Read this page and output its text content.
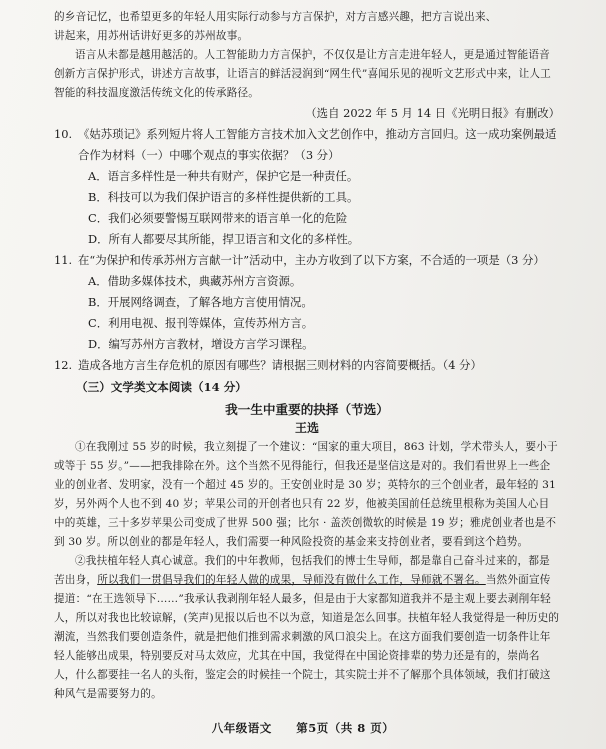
的乡音记忆，也希望更多的年轻人用实际行动参与方言保护，对方言感兴趣，把方言说出来、

讲起来，用苏州话讲好更多的苏州故事。

语言从未都是越用越活的。人工智能助力方言保护，不仅仅是让方言走进年轻人，更是通过智能语音创新方言保护形式，讲述方言故事，让语言的鲜活浸润到“网生代”喜闻乐见的视听文艺形式中来，让人工智能的科技温度激活传统文化的传承路径。

（选自 2022 年 5 月 14 日《光明日报》有删改）

10. 《姑苏琐记》系列短片将人工智能方言技术加入文艺创作中，推动方言回归。这一成功案例最适合作为材料（一）中哪个观点的事实依据？（3 分）

A．语言多样性是一种共有财产，保护它是一种责任。

B．科技可以为我们保护语言的多样性提供新的工具。

C．我们必须要警惕互联网带来的语言单一化的危险

D．所有人都要尽其所能，捍卫语言和文化的多样性。

11. 在“为保护和传承苏州方言献一计”活动中，主办方收到了以下方案，不合适的一项是（3 分）

A．借助多媒体技术，典藏苏州方言资源。

B．开展网络调查，了解各地方言使用情况。

C．利用电视、报刊等媒体，宣传苏州方言。

D．编写苏州方言教材，增设方言学习课程。

12. 造成各地方言生存危机的原因有哪些？请根据三则材料的内容简要概括。（4 分）

（三）文学类文本阅读（14 分）

我一生中重要的抉择（节选）

王选

①在我刚过 55 岁的时候，我立刻提了一个建议：“国家的重大项目，863 计划，学术带头人，要小于或等于 55 岁。”——把我排除在外。这个当然不见得能行，但我还是坚信这是对的。我们看世界上一些企业的创业者、发明家，没有一个超过 45 岁的。王安创业时是 30 岁；英特尔的三个创业者，最年轻的 31 岁，另外两个人也不到 40 岁；苹果公司的开创者也只有 22 岁，他被美国前任总统里根称为美国人心目中的英雄，三十多岁苹果公司变成了世界 500 强；比尔 · 盖茨创微软的时候是 19 岁；雅虎创业者也是不到 30 岁。所以创业的都是年轻人，我们需要一种风险投资的基金来支持创业者，要看到这个趋势。

②我扶植年轻人真心诚意。我们的中年教师，包括我们的博士生导师，都是靠自己奋斗过来的，都是苦出身，所以我们一贯倡导我们的年轻人做的成果，导师没有做什么工作，导师就不署名。当然外面宣传提道：“在王选领导下……”我承认我剥削年轻人最多，但是由于大家都知道我并不是主观上要去剥削年轻人，所以对我也比较谅解，(笑声)见报以后也不以为意，知道是怎么回事。扶植年轻人我觉得是一种历史的潮流，当然我们要创造条件，就是把他们推到需求刺激的风口浪尖上。在这方面我们要创造一切条件让年轻人能够出成果，特别要反对马太效应，尤其在中国，我觉得在中国论资排辈的势力还是有的，崇尚名人，什么都要挂一名人的头衔，鉴定会的时候挂一个院士，其实院士并不了解那个具体领域，我们打破这种风气是需要努力的。

八年级语文 第5页（共 8 页）
